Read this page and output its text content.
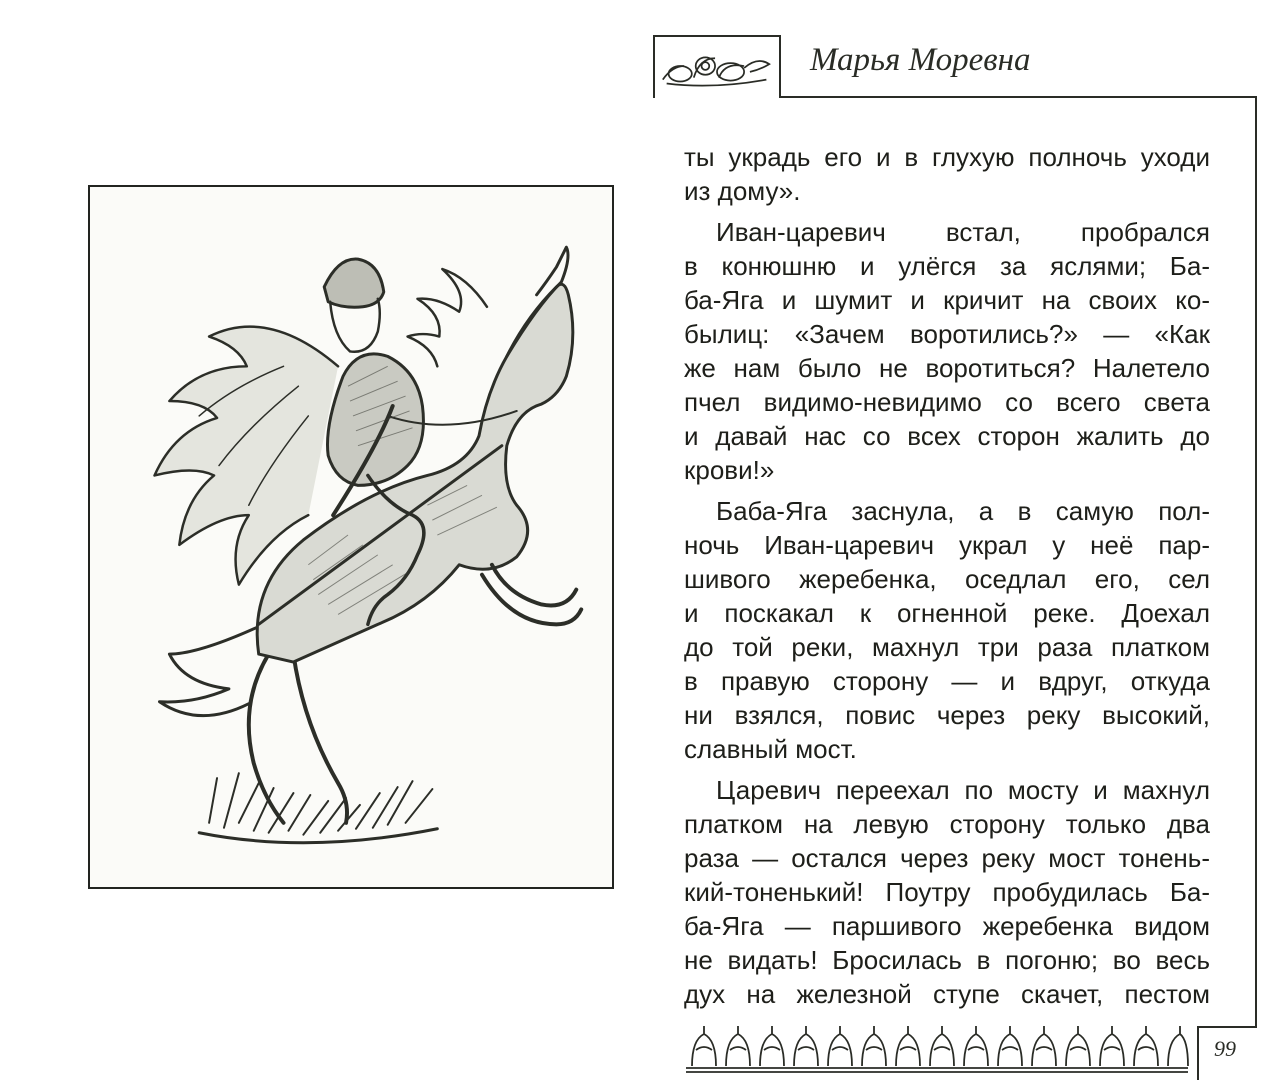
Марья Моревна
ты украдь его и в глухую полночь уходи
из дому».
Иван-царевич встал, пробрался
в конюшню и улёгся за яслями; Ба-
ба-Яга и шумит и кричит на своих ко-
былиц: «Зачем воротились?» — «Как
же нам было не воротиться? Налетело
пчел видимо-невидимо со всего света
и давай нас со всех сторон жалить до
крови!»
Баба-Яга заснула, а в самую пол-
ночь Иван-царевич украл у неё пар-
шивого жеребенка, оседлал его, сел
и поскакал к огненной реке. Доехал
до той реки, махнул три раза платком
в правую сторону — и вдруг, откуда
ни взялся, повис через реку высокий,
славный мост.
Царевич переехал по мосту и махнул
платком на левую сторону только два
раза — остался через реку мост тонень-
кий-тоненький! Поутру пробудилась Ба-
ба-Яга — паршивого жеребенка видом
не видать! Бросилась в погоню; во весь
дух на железной ступе скачет, пестом
99
